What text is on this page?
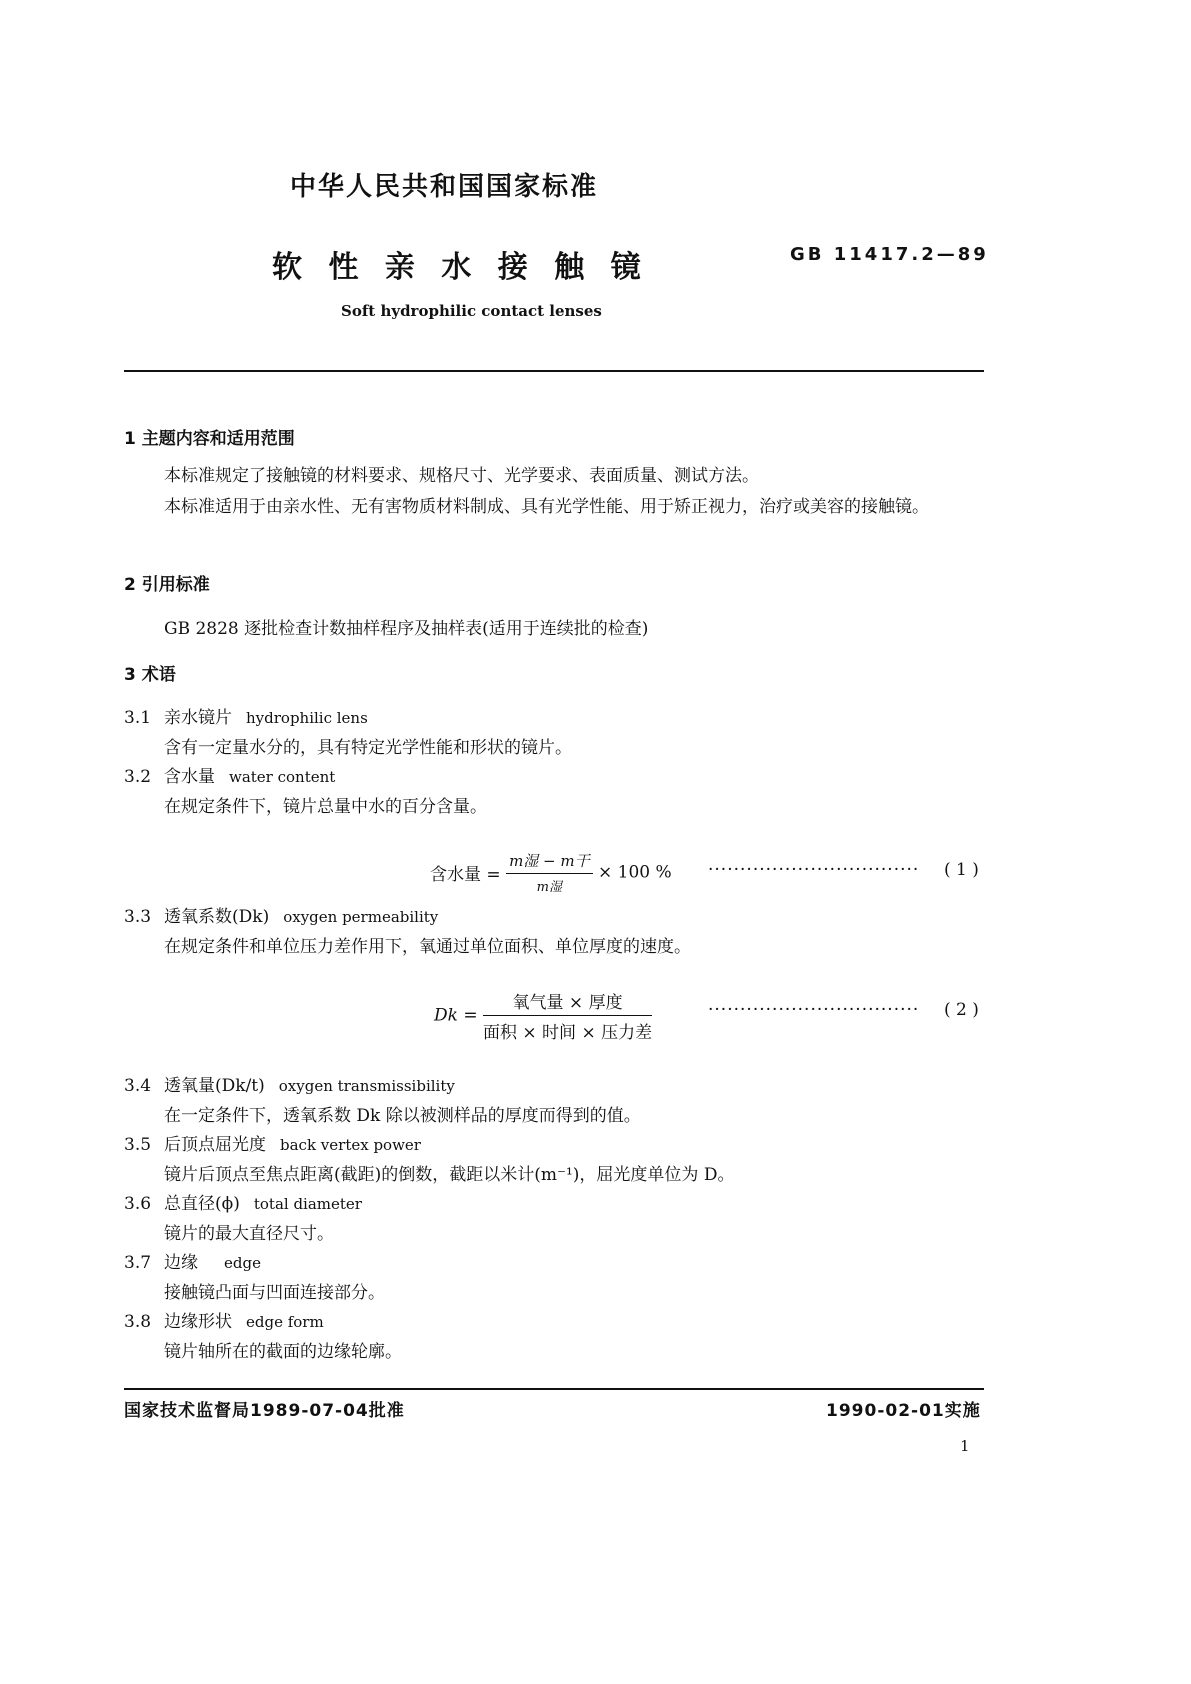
中华人民共和国国家标准
软 性 亲 水 接 触 镜	GB 11417.2—89
Soft hydrophilic contact lenses
1 主题内容和适用范围
本标准规定了接触镜的材料要求、规格尺寸、光学要求、表面质量、测试方法。
本标准适用于由亲水性、无有害物质材料制成、具有光学性能、用于矫正视力，治疗或美容的接触镜。
2 引用标准
GB 2828 逐批检查计数抽样程序及抽样表(适用于连续批的检查)
3 术语
3.1 亲水镜片 hydrophilic lens
含有一定量水分的，具有特定光学性能和形状的镜片。
3.2 含水量 water content
在规定条件下，镜片总量中水的百分含量。
含水量 = $\frac{\text{m湿 − m干}}{\text{m湿}} \times 100$ % ································· ( 1 )
3.3 透氧系数(Dk) oxygen permeability
在规定条件和单位压力差作用下，氧通过单位面积、单位厚度的速度。
$Dk = \frac{\text{氧气量 × 厚度}}{\text{面积 × 时间 × 压力差}}$	································· ( 2 )
3.4 透氧量(Dk/t) oxygen transmissibility
在一定条件下，透氧系数 Dk 除以被测样品的厚度而得到的值。
3.5 后顶点屈光度 back vertex power
镜片后顶点至焦点距离(截距)的倒数，截距以米计(m⁻¹)，屈光度单位为 D。
3.6 总直径(ϕ) total diameter
镜片的最大直径尺寸。
3.7 边缘 edge
接触镜凸面与凹面连接部分。
3.8 边缘形状 edge form
镜片轴所在的截面的边缘轮廓。
国家技术监督局1989-07-04批准	1990-02-01实施
1
